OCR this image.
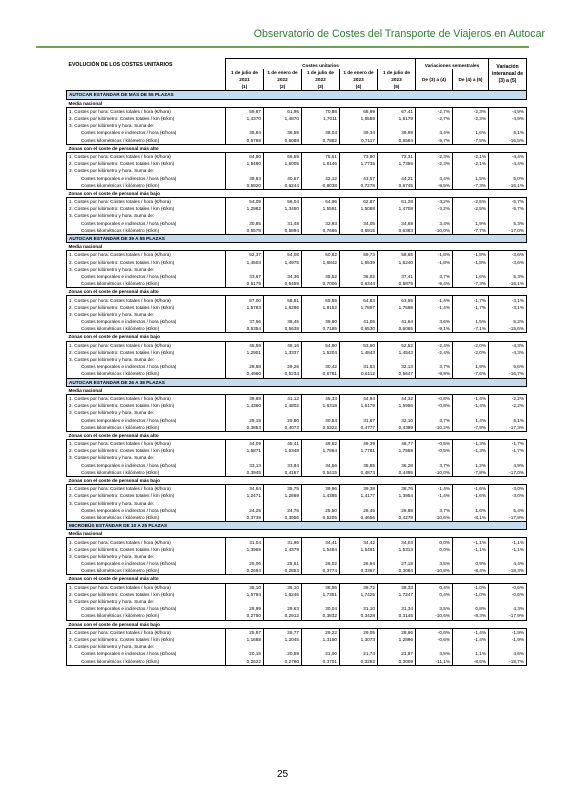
Observatorio de Costes del Transporte de Viajeros en Autocar
EVOLUCIÓN DE LOS COSTES UNITARIOS	Costes unitarios					Variaciones semestrales		Variación interanual de (3) a (5)
	1 de julio de 2021	1 de enero de 2022	1 de julio de 2022	1 de enero de 2023	1 de julio de 2023	De (3) a (4)	De (4) a (5)	
	(1)	(2)	(3)	(4)	(5)			
AUTOCAR ESTÁNDAR DE MÁS DE 55 PLAZAS								
Media nacional								
1. Costes por hora: Costes totales / hora (€/hora)	59,87	61,96	70,88	68,99	67,41	-2,7%	-2,3%	-4,9%
2. Costes por kilómetro: Costes totales / km (€/km)	1,4370	1,4870	1,7011	1,6559	1,6179	-2,7%	-2,3%	-4,9%
3. Costes por kilómetro y hora. Suma de:								
Costes temporales e indirectos / hora (€/hora)	35,84	36,59	38,04	39,34	39,98	3,4%	1,6%	5,1%
Costes kilométricos / kilómetro (€/km)	0,5768	0,6088	0,7882	0,7117	0,6584	-9,7%	-7,5%	-16,5%
Zonas con el coste de personal más alto								
1. Costes por hora: Costes totales / hora (€/hora)	64,50	66,69	75,61	73,90	72,31	-2,3%	-2,1%	-4,4%
2. Costes por kilómetro: Costes totales / km (€/km)	1,5480	1,6005	1,8146	1,7735	1,7355	-2,3%	-2,1%	-4,4%
3. Costes por kilómetro y hora. Suma de:								
Costes temporales e indirectos / hora (€/hora)	39,83	40,67	42,12	43,57	44,21	3,4%	1,5%	5,0%
Costes kilométricos / kilómetro (€/km)	0,5920	0,6244	0,8038	0,7278	0,6745	-9,5%	-7,3%	-16,1%
Zonas con el coste de personal más bajo								
1. Costes por hora: Costes totales / hora (€/hora)	54,09	56,04	64,96	62,87	61,28	-3,2%	-2,5%	-5,7%
2. Costes por kilómetro: Costes totales / km (€/km)	1,2982	1,3450	1,5591	1,5088	1,4708	-3,2%	-2,5%	-5,7%
3. Costes por kilómetro y hora. Suma de:								
Costes temporales e indirectos / hora (€/hora)	30,85	31,48	32,93	34,05	34,69	3,4%	1,9%	5,3%
Costes kilométricos / kilómetro (€/km)	0,5578	0,5894	0,7666	0,6915	0,6383	-10,0%	-7,7%	-17,0%
AUTOCAR ESTÁNDAR DE 39 A 55 PLAZAS								
Media nacional								
1. Costes por hora: Costes totales / hora (€/hora)	52,37	54,08	60,82	59,73	58,65	-1,8%	-1,8%	-3,6%
2. Costes por kilómetro: Costes totales / km (€/km)	1,4503	1,4975	1,6842	1,6539	1,6240	-1,8%	-1,8%	-3,6%
3. Costes por kilómetro y hora. Suma de:								
Costes temporales e indirectos / hora (€/hora)	33,67	34,36	35,52	36,82	37,41	3,7%	1,6%	5,3%
Costes kilométricos / kilómetro (€/km)	0,5179	0,5459	0,7006	0,6344	0,5879	-9,4%	-7,3%	-16,1%
Zonas con el coste de personal más alto								
1. Costes por hora: Costes totales / hora (€/hora)	57,00	58,81	65,55	64,63	63,55	-1,4%	-1,7%	-3,1%
2. Costes por kilómetro: Costes totales / km (€/km)	1,5783	1,6286	1,8152	1,7897	1,7598	-1,4%	-1,7%	-3,1%
3. Costes por kilómetro y hora. Suma de:								
Costes temporales e indirectos / hora (€/hora)	37,66	38,45	39,60	41,05	41,64	3,6%	1,5%	5,2%
Costes kilométricos / kilómetro (€/km)	0,5354	0,5638	0,7185	0,6530	0,6065	-9,1%	-7,1%	-15,6%
Zonas con el coste de personal más bajo								
1. Costes por hora: Costes totales / hora (€/hora)	46,59	48,16	54,90	53,60	52,52	-2,4%	-2,0%	-4,3%
2. Costes por kilómetro: Costes totales / km (€/km)	1,2901	1,3337	1,5204	1,4843	1,4543	-2,4%	-2,0%	-4,3%
3. Costes por kilómetro y hora. Suma de:								
Costes temporales e indirectos / hora (€/hora)	28,68	29,26	30,42	31,53	32,13	3,7%	1,9%	5,6%
Costes kilométricos / kilómetro (€/km)	0,4960	0,5234	0,6781	0,6112	0,5647	-9,9%	-7,6%	-16,7%
AUTOCAR ESTÁNDAR DE 26 A 38 PLAZAS								
Media nacional								
1. Costes por hora: Costes totales / hora (€/hora)	39,89	41,12	45,33	44,94	44,32	-0,8%	-1,4%	-2,2%
2. Costes por kilómetro: Costes totales / km (€/km)	1,4360	1,4802	1,6318	1,6179	1,5956	-0,8%	-1,4%	-2,2%
3. Costes por kilómetro y hora. Suma de:								
Costes temporales e indirectos / hora (€/hora)	29,19	29,80	30,54	31,67	32,10	3,7%	1,4%	5,1%
Costes kilométricos / kilómetro (€/km)	0,3853	0,4073	0,5322	0,4777	0,4399	-10,2%	-7,9%	-17,3%
Zonas con el coste de personal más alto								
1. Costes por hora: Costes totales / hora (€/hora)	44,09	45,41	49,62	49,39	48,77	-0,5%	-1,3%	-1,7%
2. Costes por kilómetro: Costes totales / km (€/km)	1,5871	1,6348	1,7864	1,7781	1,7558	-0,5%	-1,3%	-1,7%
3. Costes por kilómetro y hora. Suma de:								
Costes temporales e indirectos / hora (€/hora)	33,13	33,84	34,56	35,85	36,28	3,7%	1,2%	4,9%
Costes kilométricos / kilómetro (€/km)	0,3945	0,4167	0,5415	0,4873	0,4495	-10,0%	-7,8%	-17,0%
Zonas con el coste de personal más bajo								
1. Costes por hora: Costes totales / hora (€/hora)	34,64	35,75	39,96	39,38	38,76	-1,4%	-1,6%	-3,0%
2. Costes por kilómetro: Costes totales / km (€/km)	1,2471	1,2869	1,4385	1,4177	1,3954	-1,4%	-1,6%	-3,0%
3. Costes por kilómetro y hora. Suma de:								
Costes temporales e indirectos / hora (€/hora)	24,25	24,76	25,50	26,45	26,88	3,7%	1,6%	5,4%
Costes kilométricos / kilómetro (€/km)	0,3739	0,3956	0,5205	0,4656	0,4278	-10,6%	-8,1%	-17,8%
MICROBÚS ESTÁNDAR DE 10 A 25 PLAZAS								
Media nacional								
1. Costes por hora: Costes totales / hora (€/hora)	31,04	31,95	34,41	34,42	34,03	0,0%	-1,1%	-1,1%
2. Costes por kilómetro: Costes totales / km (€/km)	1,3969	1,4379	1,5484	1,5491	1,5313	0,0%	-1,1%	-1,1%
3. Costes por kilómetro y hora. Suma de:								
Costes temporales e indirectos / hora (€/hora)	25,06	25,61	26,02	26,94	27,18	3,5%	0,9%	4,4%
Costes kilométricos / kilómetro (€/km)	0,2693	0,2853	0,3774	0,3367	0,3084	-10,8%	-8,4%	-18,3%
Zonas con el coste de personal más alto								
1. Costes por hora: Costes totales / hora (€/hora)	35,10	36,10	38,56	38,72	38,33	0,4%	-1,0%	-0,6%
2. Costes por kilómetro: Costes totales / km (€/km)	1,5794	1,6246	1,7351	1,7425	1,7247	0,4%	-1,0%	-0,6%
3. Costes por kilómetro y hora. Suma de:								
Costes temporales e indirectos / hora (€/hora)	28,99	29,63	30,04	31,10	31,34	3,5%	0,8%	4,3%
Costes kilométricos / kilómetro (€/km)	0,2750	0,2912	0,3832	0,3428	0,3145	-10,6%	-8,3%	-17,9%
Zonas con el coste de personal más bajo								
1. Costes por hora: Costes totales / hora (€/hora)	25,97	26,77	29,22	29,05	28,66	-0,6%	-1,4%	-1,9%
2. Costes por kilómetro: Costes totales / km (€/km)	1,1688	1,2045	1,3150	1,3073	1,2896	-0,6%	-1,4%	-1,9%
3. Costes por kilómetro y hora. Suma de:								
Costes temporales e indirectos / hora (€/hora)	20,15	20,59	21,00	21,74	21,97	3,5%	1,1%	4,6%
Costes kilométricos / kilómetro (€/km)	0,2622	0,2780	0,3701	0,3292	0,3009	-11,1%	-8,6%	-18,7%
25
